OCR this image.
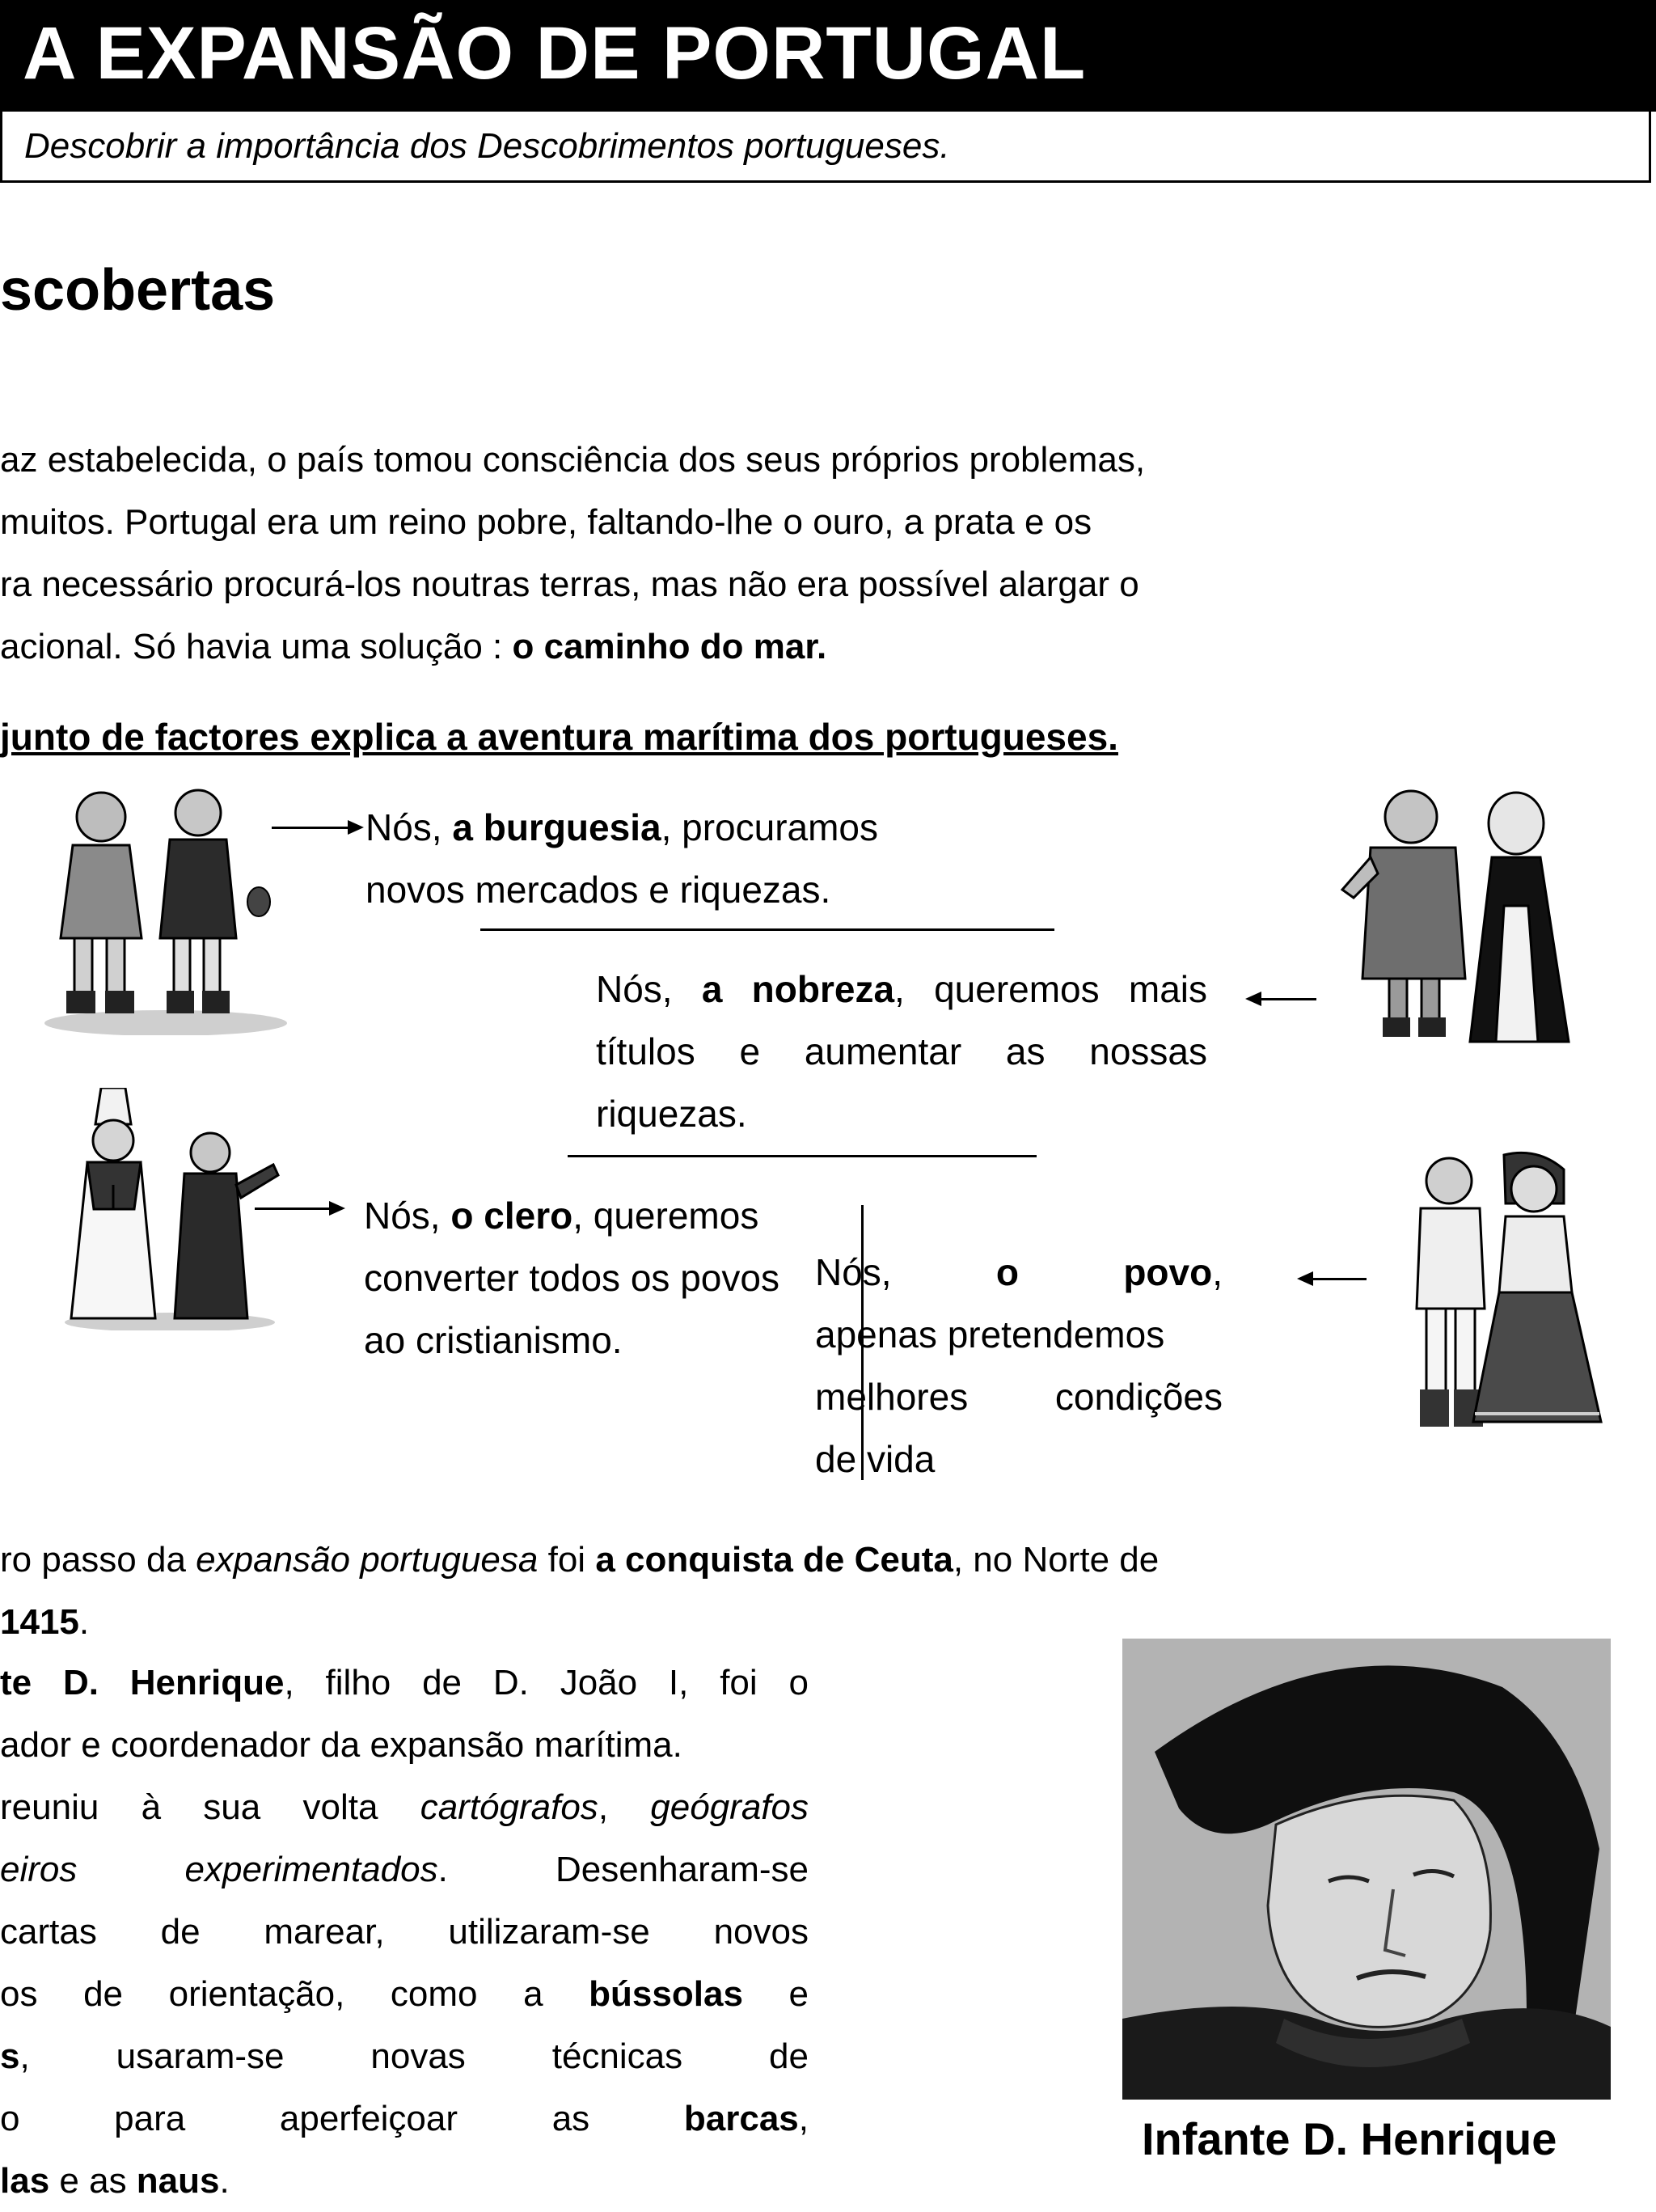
A EXPANSÃO DE PORTUGAL
Descobrir a importância dos Descobrimentos portugueses.
scobertas
az estabelecida, o país tomou consciência dos seus próprios problemas,
muitos. Portugal era um reino pobre, faltando-lhe o ouro, a prata e os
ra necessário procurá-los noutras terras, mas não era possível alargar o
acional. Só havia uma solução : o caminho do mar.
junto de factores explica a aventura marítima dos portugueses.
Nós, a burguesia, procuramos
novos mercados e riquezas.
Nós, a nobreza, queremos mais
títulos e aumentar as nossas
riquezas.
Nós, o clero, queremos
converter todos os povos
ao cristianismo.
Nós,	o	povo,
apenas pretendemos
melhores condições
de vida
ro passo da expansão portuguesa foi a conquista de Ceuta, no Norte de
1415.
te D. Henrique, filho de D. João I, foi o
ador e coordenador da expansão marítima.
reuniu à sua volta cartógrafos, geógrafos
eiros experimentados. Desenharam-se
cartas de marear, utilizaram-se novos
os de orientação, como a bússolas e
s, usaram-se novas técnicas de
o para aperfeiçoar as barcas,
las e as naus.
Infante D. Henrique
